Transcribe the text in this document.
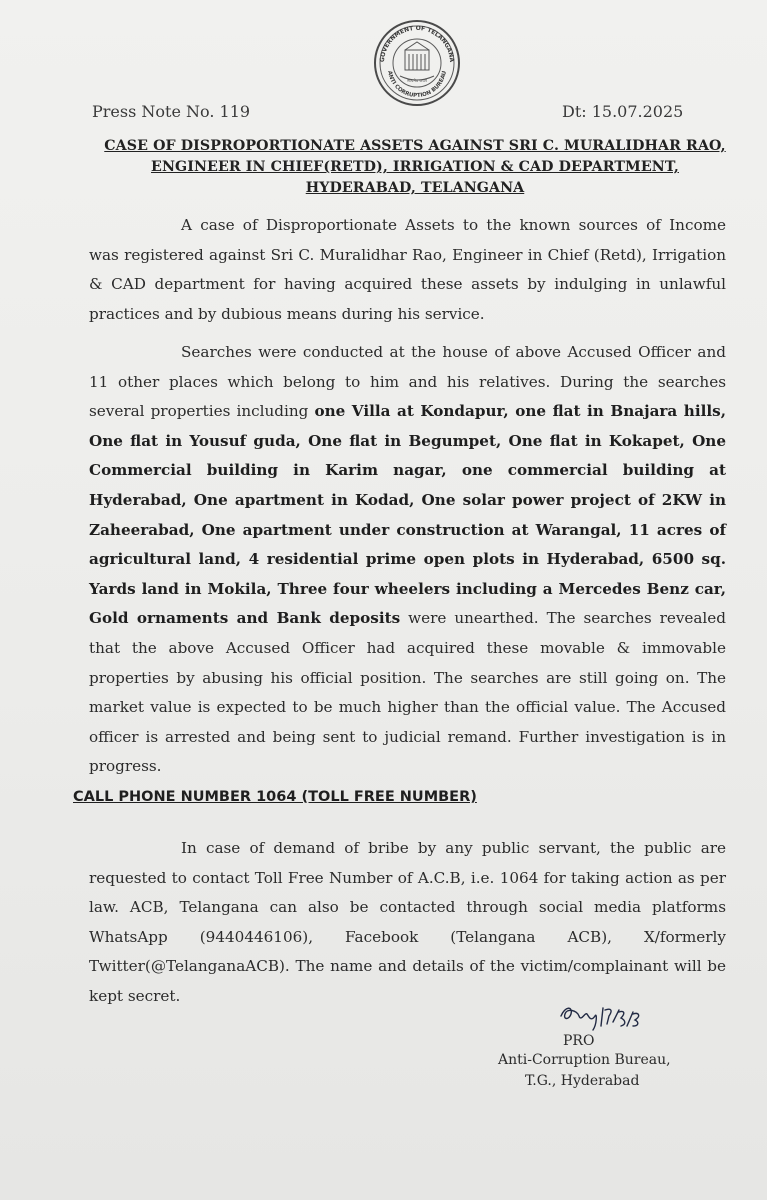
GOVERNMENT OF TELANGANA
ANTI CORRUPTION BUREAU
सत्यमेव जयते
Press Note No. 119	Dt: 15.07.2025
CASE OF DISPROPORTIONATE ASSETS AGAINST SRI C. MURALIDHAR RAO,
ENGINEER IN CHIEF(RETD), IRRIGATION & CAD DEPARTMENT,
HYDERABAD, TELANGANA
A case of Disproportionate Assets to the known sources of Income was registered against Sri C. Muralidhar Rao, Engineer in Chief (Retd), Irrigation & CAD department for having acquired these assets by indulging in unlawful practices and by dubious means during his service.
Searches were conducted at the house of above Accused Officer and 11 other places which belong to him and his relatives. During the searches several properties including one Villa at Kondapur, one flat in Bnajara hills, One flat in Yousuf guda, One flat in Begumpet, One flat in Kokapet, One Commercial building in Karim nagar, one commercial building at Hyderabad, One apartment in Kodad, One solar power project of 2KW in Zaheerabad, One apartment under construction at Warangal, 11 acres of agricultural land, 4 residential prime open plots in Hyderabad, 6500 sq. Yards land in Mokila, Three four wheelers including a Mercedes Benz car, Gold ornaments and Bank deposits were unearthed. The searches revealed that the above Accused Officer had acquired these movable & immovable properties by abusing his official position. The searches are still going on. The market value is expected to be much higher than the official value. The Accused officer is arrested and being sent to judicial remand. Further investigation is in progress.
CALL PHONE NUMBER 1064 (TOLL FREE NUMBER)
In case of demand of bribe by any public servant, the public are requested to contact Toll Free Number of A.C.B, i.e. 1064 for taking action as per law. ACB, Telangana can also be contacted through social media platforms WhatsApp (9440446106), Facebook (Telangana ACB), X/formerly Twitter(@TelanganaACB). The name and details of the victim/complainant will be kept secret.
PRO
Anti-Corruption Bureau,
T.G., Hyderabad
